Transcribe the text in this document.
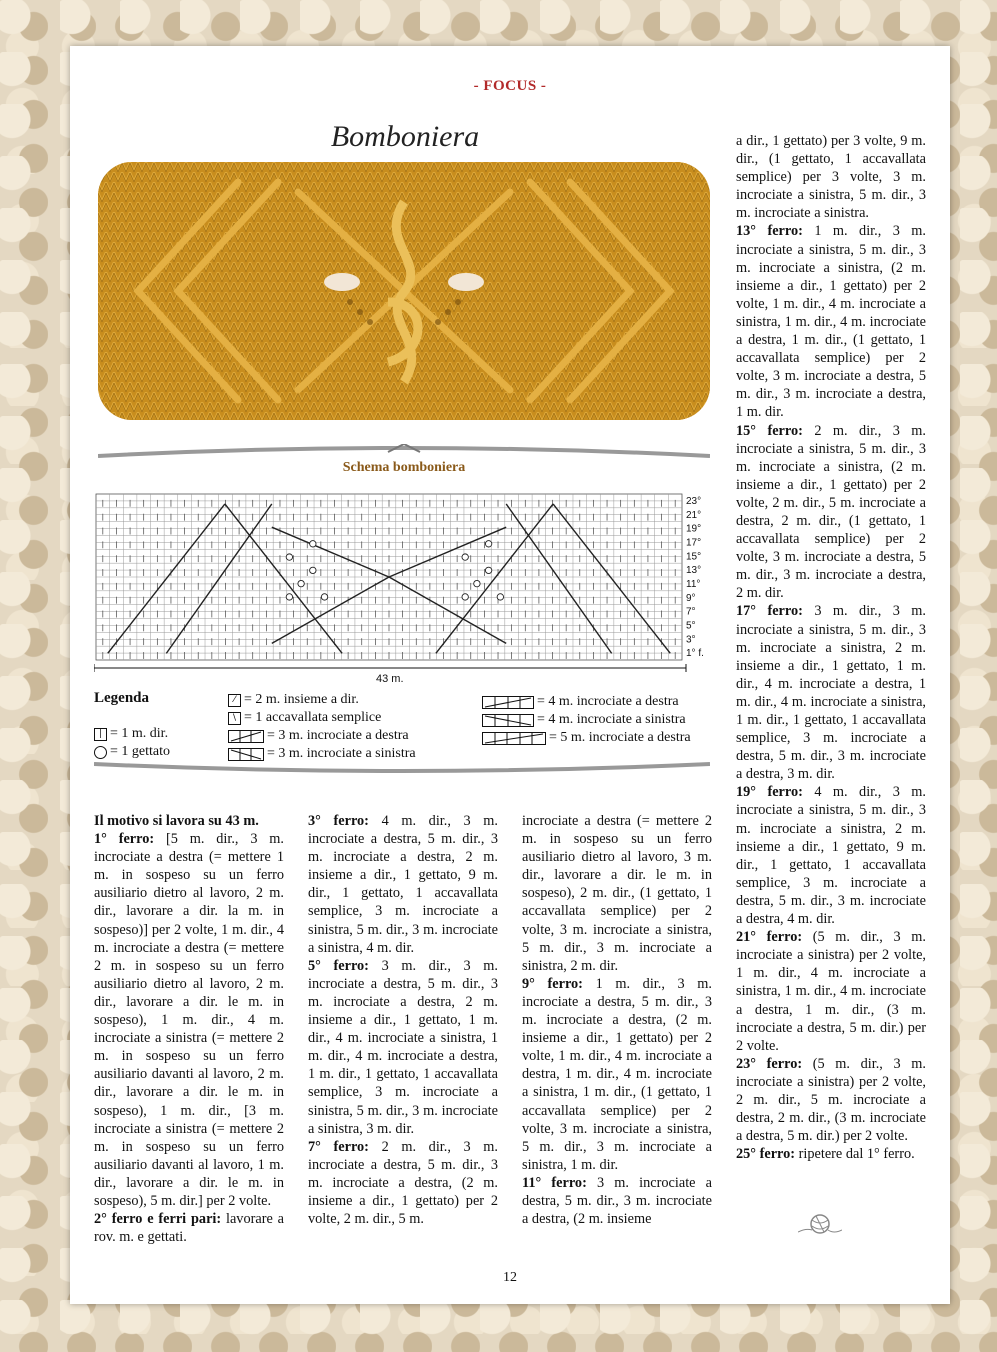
- FOCUS -
Bomboniera
Schema bomboniera
23°
21°
19°
17°
15°
13°
11°
9°
7°
5°
3°
1° f.
43 m.
Legenda
| = 1 m. dir.
= 1 gettato
⁄ = 2 m. insieme a dir.
\ = 1 accavallata semplice
= 3 m. incrociate a destra
= 3 m. incrociate a sinistra
= 4 m. incrociate a destra
= 4 m. incrociate a sinistra
= 5 m. incrociate a destra

Il motivo si lavora su 43 m.

1° ferro: [5 m. dir., 3 m. incrociate a destra (= mettere 1 m. in sospeso su un ferro ausiliario dietro al lavoro, 2 m. dir., lavorare a dir. la m. in sospeso)] per 2 volte, 1 m. dir., 4 m. incrociate a destra (= mettere 2 m. in sospeso su un ferro ausiliario dietro al lavoro, 2 m. dir., lavorare a dir. le m. in sospeso), 1 m. dir., 4 m. incrociate a sinistra (= mettere 2 m. in sospeso su un ferro ausiliario davanti al lavoro, 2 m. dir., lavorare a dir. le m. in sospeso), 1 m. dir., [3 m. incrociate a sinistra (= mettere 2 m. in sospeso su un ferro ausiliario davanti al lavoro, 1 m. dir., lavorare a dir. le m. in sospeso), 5 m. dir.] per 2 volte.

2° ferro e ferri pari: lavorare a rov. m. e gettati.

3° ferro: 4 m. dir., 3 m. incrociate a destra, 5 m. dir., 3 m. incrociate a destra, 2 m. insieme a dir., 1 gettato, 9 m. dir., 1 gettato, 1 accavallata semplice, 3 m. incrociate a sinistra, 5 m. dir., 3 m. incrociate a sinistra, 4 m. dir.

5° ferro: 3 m. dir., 3 m. incrociate a destra, 5 m. dir., 3 m. incrociate a destra, 2 m. insieme a dir., 1 gettato, 1 m. dir., 4 m. incrociate a sinistra, 1 m. dir., 4 m. incrociate a destra, 1 m. dir., 1 gettato, 1 accavallata semplice, 3 m. incrociate a sinistra, 5 m. dir., 3 m. incrociate a sinistra, 3 m. dir.

7° ferro: 2 m. dir., 3 m. incrociate a destra, 5 m. dir., 3 m. incrociate a destra, (2 m. insieme a dir., 1 gettato) per 2 volte, 2 m. dir., 5 m.

incrociate a destra (= mettere 2 m. in sospeso su un ferro ausiliario dietro al lavoro, 3 m. dir., lavorare a dir. le m. in sospeso), 2 m. dir., (1 gettato, 1 accavallata semplice) per 2 volte, 3 m. incrociate a sinistra, 5 m. dir., 3 m. incrociate a sinistra, 2 m. dir.

9° ferro: 1 m. dir., 3 m. incrociate a destra, 5 m. dir., 3 m. incrociate a destra, (2 m. insieme a dir., 1 gettato) per 2 volte, 1 m. dir., 4 m. incrociate a destra, 1 m. dir., 4 m. incrociate a sinistra, 1 m. dir., (1 gettato, 1 accavallata semplice) per 2 volte, 3 m. incrociate a sinistra, 5 m. dir., 3 m. incrociate a sinistra, 1 m. dir.

11° ferro: 3 m. incrociate a destra, 5 m. dir., 3 m. incrociate a destra, (2 m. insieme

a dir., 1 gettato) per 3 volte, 9 m. dir., (1 gettato, 1 accavallata semplice) per 3 volte, 3 m. incrociate a sinistra, 5 m. dir., 3 m. incrociate a sinistra.

13° ferro: 1 m. dir., 3 m. incrociate a sinistra, 5 m. dir., 3 m. incrociate a sinistra, (2 m. insieme a dir., 1 gettato) per 2 volte, 1 m. dir., 4 m. incrociate a sinistra, 1 m. dir., 4 m. incrociate a destra, 1 m. dir., (1 gettato, 1 accavallata semplice) per 2 volte, 3 m. incrociate a destra, 5 m. dir., 3 m. incrociate a destra, 1 m. dir.

15° ferro: 2 m. dir., 3 m. incrociate a sinistra, 5 m. dir., 3 m. incrociate a sinistra, (2 m. insieme a dir., 1 gettato) per 2 volte, 2 m. dir., 5 m. incrociate a destra, 2 m. dir., (1 gettato, 1 accavallata semplice) per 2 volte, 3 m. incrociate a destra, 5 m. dir., 3 m. incrociate a destra, 2 m. dir.

17° ferro: 3 m. dir., 3 m. incrociate a sinistra, 5 m. dir., 3 m. incrociate a sinistra, 2 m. insieme a dir., 1 gettato, 1 m. dir., 4 m. incrociate a destra, 1 m. dir., 4 m. incrociate a sinistra, 1 m. dir., 1 gettato, 1 accavallata semplice, 3 m. incrociate a destra, 5 m. dir., 3 m. incrociate a destra, 3 m. dir.

19° ferro: 4 m. dir., 3 m. incrociate a sinistra, 5 m. dir., 3 m. incrociate a sinistra, 2 m. insieme a dir., 1 gettato, 9 m. dir., 1 gettato, 1 accavallata semplice, 3 m. incrociate a destra, 5 m. dir., 3 m. incrociate a destra, 4 m. dir.

21° ferro: (5 m. dir., 3 m. incrociate a sinistra) per 2 volte, 1 m. dir., 4 m. incrociate a sinistra, 1 m. dir., 4 m. incrociate a destra, 1 m. dir., (3 m. incrociate a destra, 5 m. dir.) per 2 volte.

23° ferro: (5 m. dir., 3 m. incrociate a sinistra) per 2 volte, 2 m. dir., 5 m. incrociate a destra, 2 m. dir., (3 m. incrociate a destra, 5 m. dir.) per 2 volte.

25° ferro: ripetere dal 1° ferro.

12
